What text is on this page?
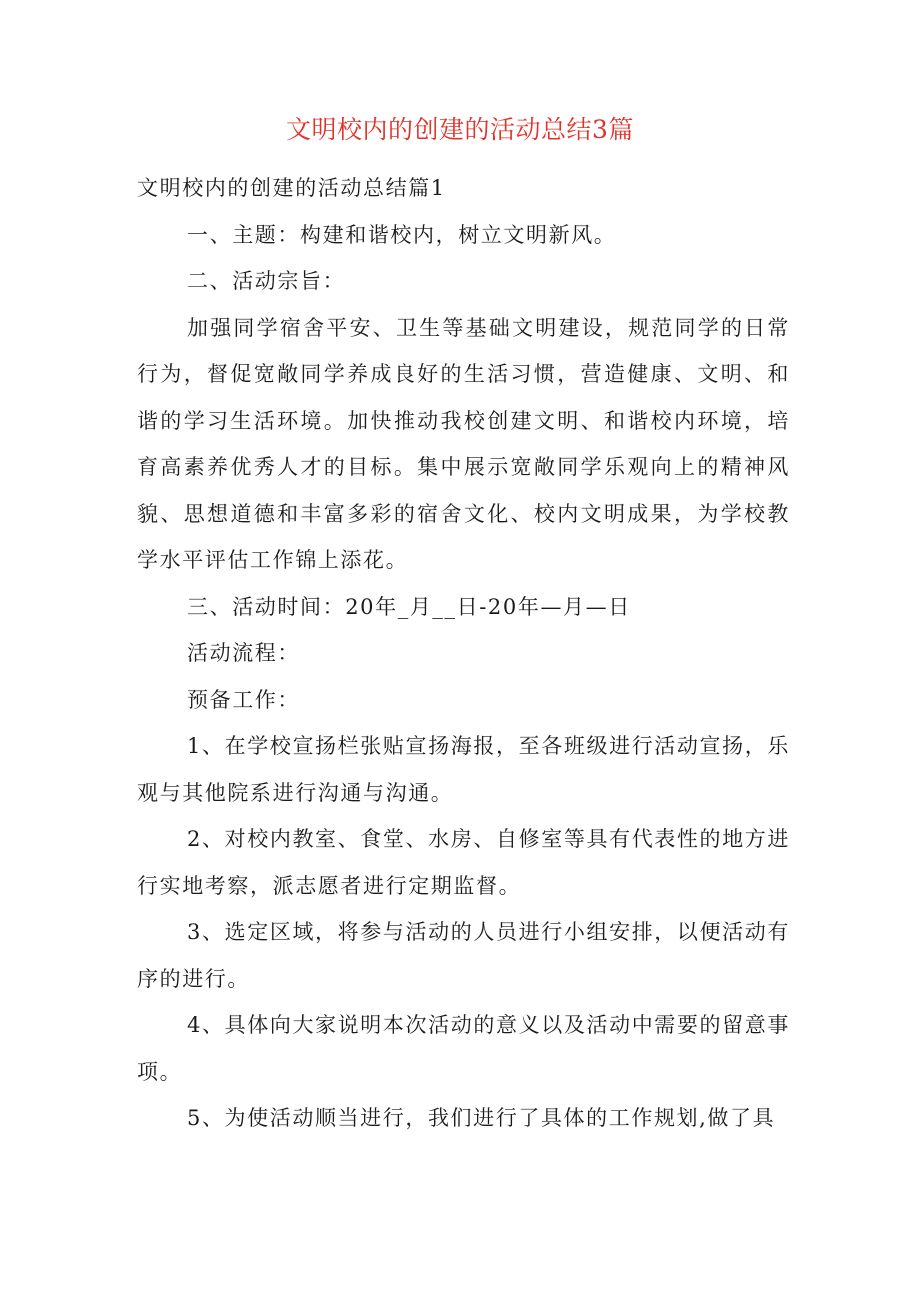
文明校内的创建的活动总结3篇

文明校内的创建的活动总结篇1

一、主题：构建和谐校内，树立文明新风。

二、活动宗旨：

加强同学宿舍平安、卫生等基础文明建设，规范同学的日常行为，督促宽敞同学养成良好的生活习惯，营造健康、文明、和谐的学习生活环境。加快推动我校创建文明、和谐校内环境，培育高素养优秀人才的目标。集中展示宽敞同学乐观向上的精神风貌、思想道德和丰富多彩的宿舍文化、校内文明成果，为学校教学水平评估工作锦上添花。

三、活动时间：20年_月__日-20年—月—日

活动流程：

预备工作：

1、在学校宣扬栏张贴宣扬海报，至各班级进行活动宣扬，乐观与其他院系进行沟通与沟通。

2、对校内教室、食堂、水房、自修室等具有代表性的地方进行实地考察，派志愿者进行定期监督。

3、选定区域，将参与活动的人员进行小组安排，以便活动有序的进行。

4、具体向大家说明本次活动的意义以及活动中需要的留意事项。

5、为使活动顺当进行，我们进行了具体的工作规划,做了具
